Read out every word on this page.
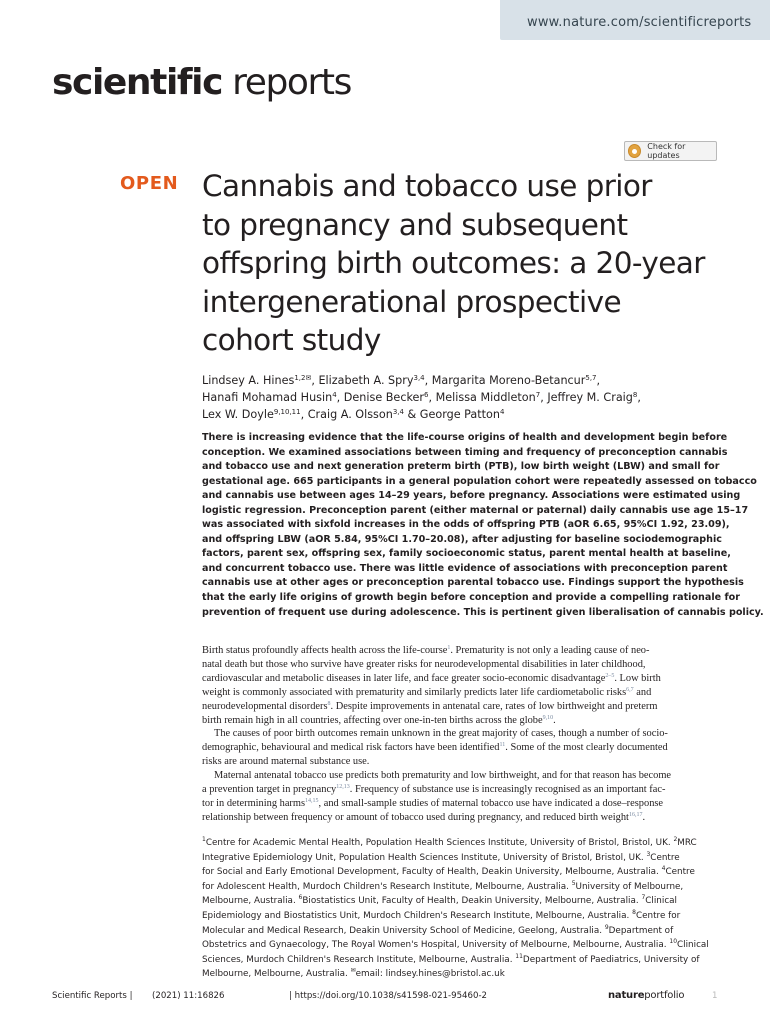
www.nature.com/scientificreports
scientific reports
Check for updates
OPEN Cannabis and tobacco use prior
to pregnancy and subsequent
offspring birth outcomes: a 20-year
intergenerational prospective
cohort study
Lindsey A. Hines$^{1,2✉}$, Elizabeth A. Spry$^{3,4}$, Margarita Moreno-Betancur$^{5,7}$,
Hanafi Mohamad Husin$^4$, Denise Becker$^6$, Melissa Middleton$^7$, Jeffrey M. Craig$^8$,
Lex W. Doyle$^{9,10,11}$, Craig A. Olsson$^{3,4}$ & George Patton$^4$
There is increasing evidence that the life-course origins of health and development begin before
conception. We examined associations between timing and frequency of preconception cannabis
and tobacco use and next generation preterm birth (PTB), low birth weight (LBW) and small for
gestational age. 665 participants in a general population cohort were repeatedly assessed on tobacco
and cannabis use between ages 14–29 years, before pregnancy. Associations were estimated using
logistic regression. Preconception parent (either maternal or paternal) daily cannabis use age 15–17
was associated with sixfold increases in the odds of offspring PTB (aOR 6.65, 95%CI 1.92, 23.09),
and offspring LBW (aOR 5.84, 95%CI 1.70–20.08), after adjusting for baseline sociodemographic
factors, parent sex, offspring sex, family socioeconomic status, parent mental health at baseline,
and concurrent tobacco use. There was little evidence of associations with preconception parent
cannabis use at other ages or preconception parental tobacco use. Findings support the hypothesis
that the early life origins of growth begin before conception and provide a compelling rationale for
prevention of frequent use during adolescence. This is pertinent given liberalisation of cannabis policy.
Birth status profoundly affects health across the life-course$^1$. Prematurity is not only a leading cause of neo-
natal death but those who survive have greater risks for neurodevelopmental disabilities in later childhood,
cardiovascular and metabolic diseases in later life, and face greater socio-economic disadvantage$^{2-5}$. Low birth
weight is commonly associated with prematurity and similarly predicts later life cardiometabolic risks$^{6,7}$ and
neurodevelopmental disorders$^8$. Despite improvements in antenatal care, rates of low birthweight and preterm
birth remain high in all countries, affecting over one-in-ten births across the globe$^{9,10}$.
The causes of poor birth outcomes remain unknown in the great majority of cases, though a number of socio-
demographic, behavioural and medical risk factors have been identified$^{11}$. Some of the most clearly documented
risks are around maternal substance use.
Maternal antenatal tobacco use predicts both prematurity and low birthweight, and for that reason has become
a prevention target in pregnancy$^{12,13}$. Frequency of substance use is increasingly recognised as an important fac-
tor in determining harms$^{14,15}$, and small-sample studies of maternal tobacco use have indicated a dose–response
relationship between frequency or amount of tobacco used during pregnancy, and reduced birth weight$^{16,17}$.
$^1$Centre for Academic Mental Health, Population Health Sciences Institute, University of Bristol, Bristol, UK. $^2$MRC
Integrative Epidemiology Unit, Population Health Sciences Institute, University of Bristol, Bristol, UK. $^3$Centre
for Social and Early Emotional Development, Faculty of Health, Deakin University, Melbourne, Australia. $^4$Centre
for Adolescent Health, Murdoch Children's Research Institute, Melbourne, Australia. $^5$University of Melbourne,
Melbourne, Australia. $^6$Biostatistics Unit, Faculty of Health, Deakin University, Melbourne, Australia. $^7$Clinical
Epidemiology and Biostatistics Unit, Murdoch Children's Research Institute, Melbourne, Australia. $^8$Centre for
Molecular and Medical Research, Deakin University School of Medicine, Geelong, Australia. $^9$Department of
Obstetrics and Gynaecology, The Royal Women's Hospital, University of Melbourne, Melbourne, Australia. $^{10}$Clinical
Sciences, Murdoch Children's Research Institute, Melbourne, Australia. $^{11}$Department of Paediatrics, University of
Melbourne, Melbourne, Australia. ✉email: lindsey.hines@bristol.ac.uk
Scientific Reports | (2021) 11:16826	| https://doi.org/10.1038/s41598-021-95460-2	natureportfolio	1
